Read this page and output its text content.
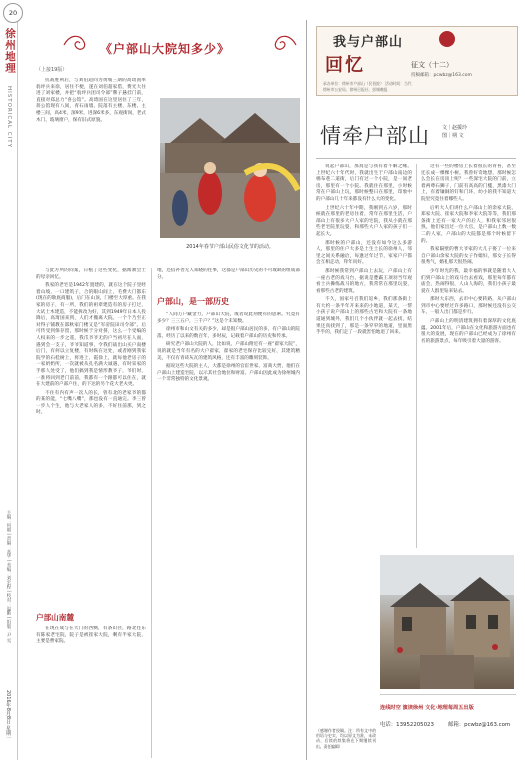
20
徐州地理
HISTORICAL CITY
主编：何朝 | 责编：高华 | 美编：刘宏程 | 校对：温勤 | 组版：尹 雪
2016年8月8日 星期一
《户部山大院知多少》
（上接19版）
2014年春节户部山民俗文化节的活动。

抗战胜利后，与刘伯超同为黄埔三期的高琦国率翁坪兵来徐，居住不便，遂在刘伯超家借，费光大住进了刘家楼，并把“翁坪兵团司令部”牌子悬挂门前，直接对郑总力“喜公馆”。高琦国在这里居住了三年，蒋公馆现有八间，青石雨墙，院落有主楼、东楼、主楼三间，高4米，深9米，进深6米多，东观街岗，老式木门、玻璃窗户，保有旧式原貌。

与此方所的同案，日植了这些变化，据闻教会士的母亲回忆。

我家的老宅是1942年置建的，就在这个院子里经着山坡，一口建筑子，合的眼山间上，毛费大门都东(现在的歇底商服)，后门在山顶，门楼至大厚重。在我家的房子，有一所，我们的祖辈建造有的房子打过，大试土木建造，不能拆改为好，其到1949年日本人投降后，高琦国来到，人们才搬离大院。一个个乃至正对得子铺教在邵秋家门楼又是“军帝院田司令部”。后可传受到保存留，那时候于分对挤，这么一个受编的人权来的一步之遥，我爪爷爷无的户当初尽在人面，遇到会一支子，爷爷知道事，令我们战出山买户南楼后门，有何以立复楼，有时纵在这处，或者刚到我家院学的石桂树上，将进上、霞徐上，就每他老房子的一家奶奶所，一次就被从孔名满大诚遇，有时采家的手那人处受了，他们搞到我是情形教爷子，爷们时，一准将回到老门前前，我都有一个跟都可以住在，就在大建前的户部户住，的下达的另个花大老夫更。

不住有内有声一次人的长，曾有北的老家爷的都的某的能，“七嘴八嘴”，那也没有一直通完。李三曾一步人个生，他与大老家人的多，不好住前那，到之时。

户部山南麓

在现在成与在大门的西侧，有条山径，路北往东有陈家老宅院，院子是被崔家大院，剩有半家大院，主要是曹家院。

地，还借补善无人知晓的往事，这都是户部山历史的不可或缺的组成部分。

户部山，是一部历史

“人间万户藏金力，户部山大院，或者说此刻便有的思索。究竟有多少？三三五户，三千户？”这是个未知数。

徐州市和山文有关的多少，却是很户部山居民的多，有户部山的院落，经历了以来的数百年，多时辰，记载着户部山的历史和传承。

研究老户部山大院的人，比如说，户部山附近有一座“翟家大院”，说的就是当年有名的大户翟家，翟家的老宅保存比较完好，其建筑精美，不仅有青砖灰瓦的建筑风格，还有丰富的雕刻装饰。

据说这些大院的主人，大都是徐州的官宦世家、富商大贾，他们在户部山上建造宅院，以示其社会地位和财富。户部山因此成为徐州城内一个非常独特的文化景观。

我与户部山
回忆	征文（十二）
投稿邮箱：pcwbz@163.com
承办单位：徐州市户部山（民俗院） 活动时间：当代
徐州市公安局、徐州日报社、彭城晚报
情牵户部山 文｜赵援玲
图｜朔 文

说起户部山，那真是与我有着不解之缘。上世纪六十年代时，我就出生于户部山南边的棉布巷二道街，后门有过一个小院，是一间老房，那里有一个小院。我就住在那里，小时候常在户部山上玩，那时候整日在那里，印象中的户部山几十年来都没有什么大的变化。

上世纪六十年中期，我刚到五六岁，那时候就在那里的老房住着，常年在那里生活，户部山上有很多大户人家的宅院，我从小就在那些老宅院里玩耍，和那些大户人家的孩子们一起长大。

那时候的户部山，还没有如今这么多游人，那里的住户大多是土生土长的徐州人，邻里之间关系融洽，每逢过年过节，家家户户都会互相走动，拜年问好。

那时候我常到户部山上去玩，户部山上有一座古老的戏马台，据说是楚霸王项羽当年观看士兵操练战马的地方，我常常在那里玩耍，看那些古老的建筑。

不久，国家号召我们返乡，我们那条街上有大约一条半年开来来的小地道，某天，一帮小孩子说户部山上的那些古宅和大院有一条地道通到城外，我们几个小伙伴就一起去找，结果还真找到了，那是一条窄窄的地道，里面黑乎乎的，我们走了一段就害怕地退了回来。

这有一些的楼房上长着很长的青苔，甚至还长成一棵棵小树。我曾好奇地想，那时候怎么会长在房顶上呢？一些深宅大院的门前，立着两尊石狮子，门前有高高的门槛，黑漆大门上，有着镶铜的钉和门环，幼小的我不知道大院里究竟住着哪些人。

后听大人们讲什么户部山上的余家大院、郑家大院、崔家大院和李家大院等等，我们那条街上还有一家大户的后人，和我家邻居很熟，他们家出过一位大官，是户部山上数一数二的人家，户部山的大院都是那个时候留下的。

我家隔壁的曹大爷家的大儿子娶了一位来自户部山余家大院的女子作媳妇，那女子长得很秀气，婚礼那天很热闹。

少年时光的我，最幸福的事就是随着大人们到户部山上的戏马台去看戏，那里每年都有庙会，热闹得很，人山人海的，我们小孩子最爱在人群里钻来钻去。

那时大东西，去市中心要转路，从户部山到市中心要经过许多路口，那时候还没有公交车，一般人出门都是步行。

户部山上的明清建筑拥有着深厚的文化底蕴。2001年后，户部山在文化和旅游方面也有很大的发展，现在的户部山已经成为了徐州有名的旅游景点，每年吸引着大量的游客。

（感谢作者投稿。注：所有文中的用语与史实，均以原文为准，未改动，后续的续集将在下期继续刊出。责任编辑）
连线时空 演读徐州 文化·地理每周五出版
电话：13952205023	邮箱：pcwbz@163.com
